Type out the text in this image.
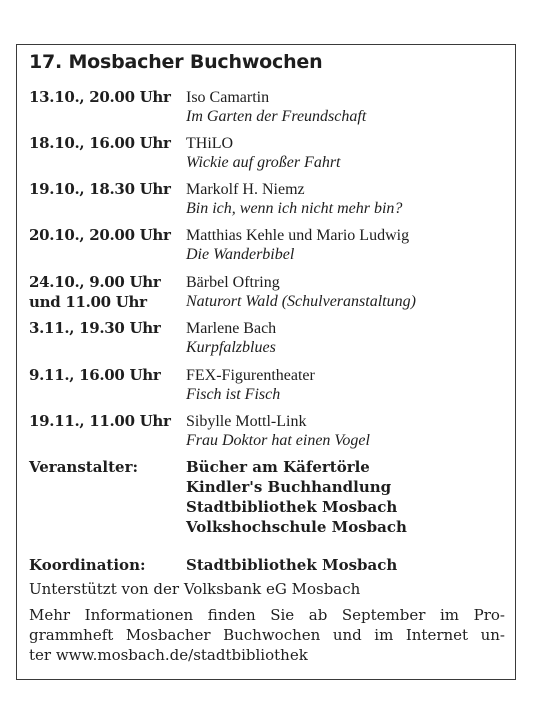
17. Mosbacher Buchwochen
13.10., 20.00 Uhr Iso Camartin
Im Garten der Freundschaft
18.10., 16.00 Uhr THiLO
Wickie auf großer Fahrt
19.10., 18.30 Uhr Markolf H. Niemz
Bin ich, wenn ich nicht mehr bin?
20.10., 20.00 Uhr Matthias Kehle und Mario Ludwig
Die Wanderbibel
24.10., 9.00 Uhr
und 11.00 Uhr
Bärbel Oftring
Naturort Wald (Schulveranstaltung)
3.11., 19.30 Uhr Marlene Bach
Kurpfalzblues
9.11., 16.00 Uhr FEX-Figurentheater
Fisch ist Fisch
19.11., 11.00 Uhr Sibylle Mottl-Link
Frau Doktor hat einen Vogel
Veranstalter:	Bücher am Käfertörle
Kindler's Buchhandlung
Stadtbibliothek Mosbach
Volkshochschule Mosbach
Koordination:	Stadtbibliothek Mosbach
Unterstützt von der Volksbank eG Mosbach
Mehr Informationen finden Sie ab September im Pro-
grammheft Mosbacher Buchwochen und im Internet un-
ter www.mosbach.de/stadtbibliothek
